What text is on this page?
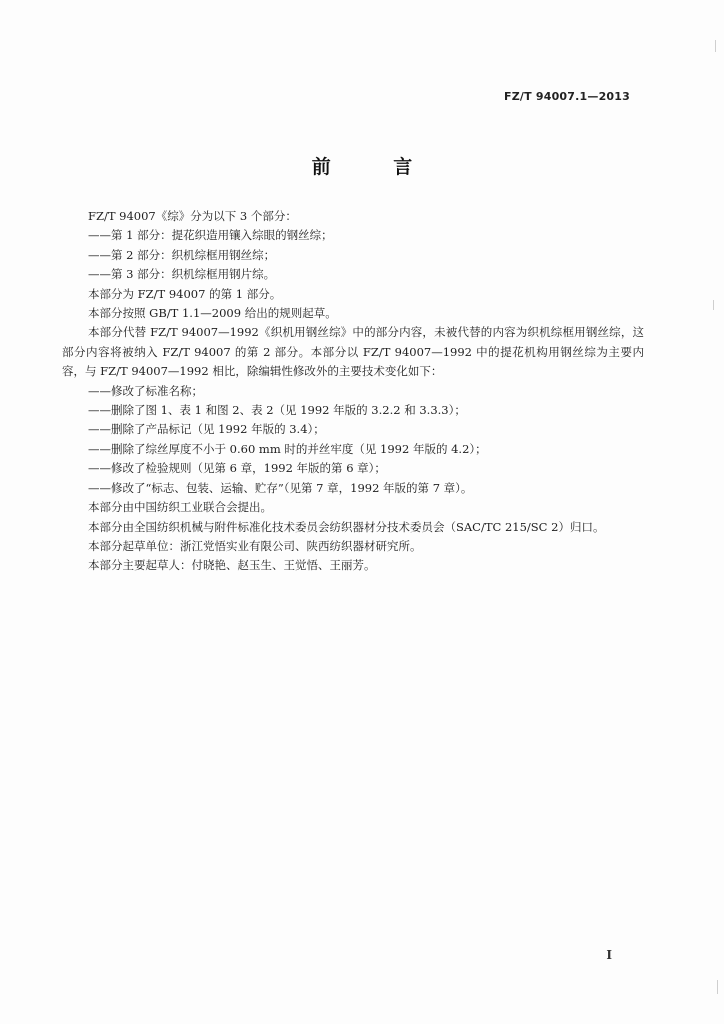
FZ/T 94007.1—2013
前 言

FZ/T 94007《综》分为以下 3 个部分：

——第 1 部分：提花织造用镶入综眼的钢丝综；

——第 2 部分：织机综框用钢丝综；

——第 3 部分：织机综框用钢片综。

本部分为 FZ/T 94007 的第 1 部分。

本部分按照 GB/T 1.1—2009 给出的规则起草。

本部分代替 FZ/T 94007—1992《织机用钢丝综》中的部分内容，未被代替的内容为织机综框用钢丝综，这部分内容将被纳入 FZ/T 94007 的第 2 部分。本部分以 FZ/T 94007—1992 中的提花机构用钢丝综为主要内容，与 FZ/T 94007—1992 相比，除编辑性修改外的主要技术变化如下：

——修改了标准名称；

——删除了图 1、表 1 和图 2、表 2（见 1992 年版的 3.2.2 和 3.3.3）；

——删除了产品标记（见 1992 年版的 3.4）；

——删除了综丝厚度不小于 0.60 mm 时的并丝牢度（见 1992 年版的 4.2）；

——修改了检验规则（见第 6 章，1992 年版的第 6 章）；

——修改了“标志、包装、运输、贮存”（见第 7 章，1992 年版的第 7 章）。

本部分由中国纺织工业联合会提出。

本部分由全国纺织机械与附件标准化技术委员会纺织器材分技术委员会（SAC/TC 215/SC 2）归口。

本部分起草单位：浙江党悟实业有限公司、陕西纺织器材研究所。

本部分主要起草人：付晓艳、赵玉生、王觉悟、王丽芳。

I
